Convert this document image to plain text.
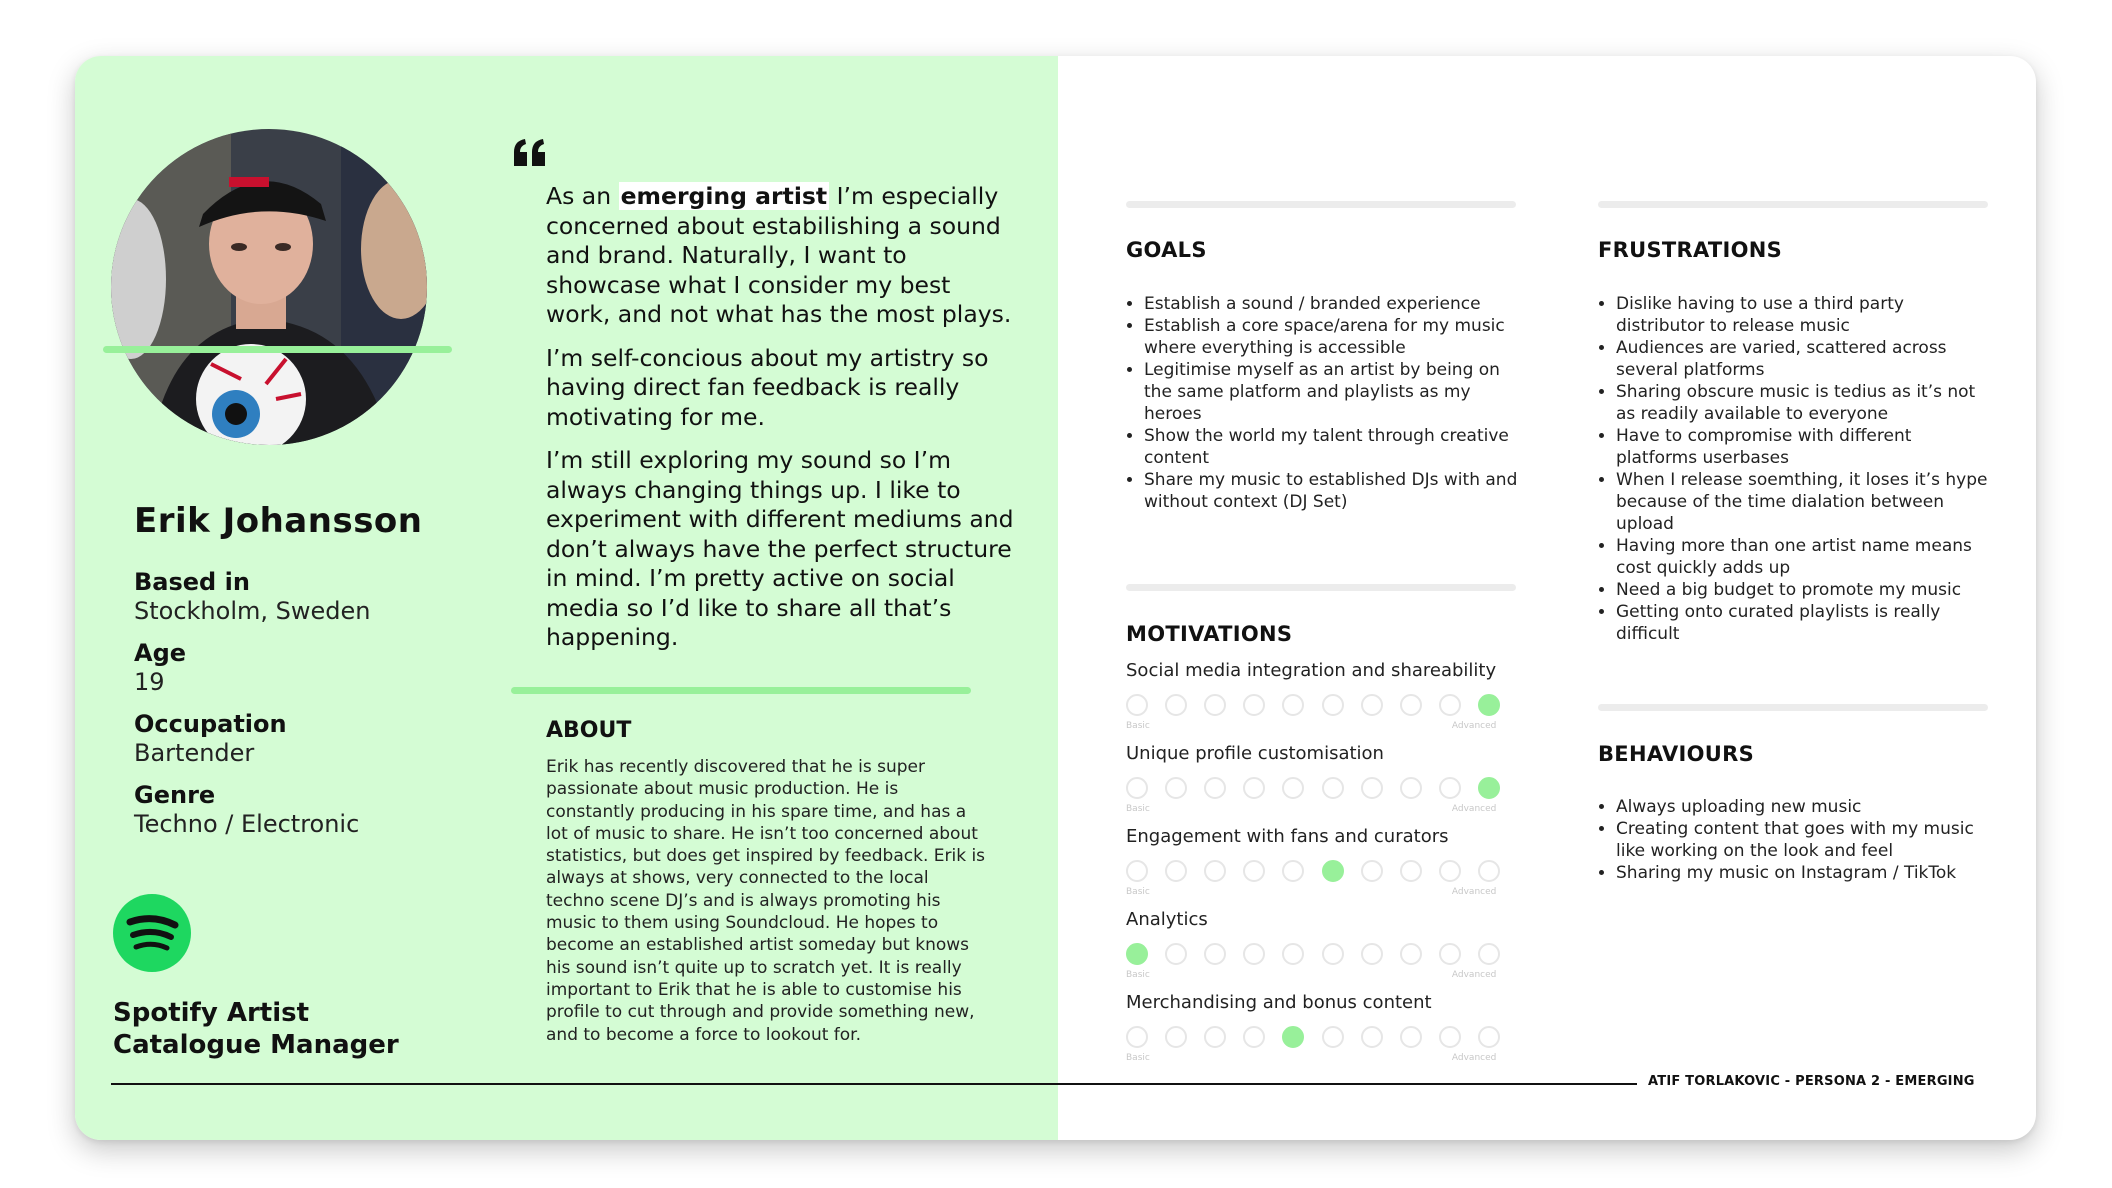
Erik Johansson
Based in
Stockholm, Sweden
Age
19
Occupation
Bartender
Genre
Techno / Electronic
Spotify Artist
Catalogue Manager

As an emerging artist I’m especially concerned about estabilishing a sound and brand. Naturally, I want to showcase what I consider my best work, and not what has the most plays.

I’m self-concious about my artistry so having direct fan feedback is really motivating for me.

I’m still exploring my sound so I’m always changing things up. I like to experiment with different mediums and don’t always have the perfect structure in mind. I’m pretty active on social media so I’d like to share all that’s happening.

ABOUT
Erik has recently discovered that he is super passionate about music production. He is constantly producing in his spare time, and has a lot of music to share. He isn’t too concerned about statistics, but does get inspired by feedback. Erik is always at shows, very connected to the local techno scene DJ’s and is always promoting his music to them using Soundcloud. He hopes to become an established artist someday but knows his sound isn’t quite up to scratch yet. It is really important to Erik that he is able to customise his profile to cut through and provide something new, and to become a force to lookout for.
GOALS
• Establish a sound / branded experience
• Establish a core space/arena for my music where everything is accessible
• Legitimise myself as an artist by being on the same platform and playlists as my heroes
• Show the world my talent through creative content
• Share my music to established DJs with and without context (DJ Set)
MOTIVATIONS
Social media integration and shareability
Basic	Advanced
Unique profile customisation
Basic	Advanced
Engagement with fans and curators
Basic	Advanced
Analytics
Basic	Advanced
Merchandising and bonus content
Basic	Advanced
FRUSTRATIONS
• Dislike having to use a third party distributor to release music
• Audiences are varied, scattered across several platforms
• Sharing obscure music is tedius as it’s not as readily available to everyone
• Have to compromise with different platforms userbases
• When I release soemthing, it loses it’s hype because of the time dialation between upload
• Having more than one artist name means cost quickly adds up
• Need a big budget to promote my music
• Getting onto curated playlists is really difficult
BEHAVIOURS
• Always uploading new music
• Creating content that goes with my music like working on the look and feel
• Sharing my music on Instagram / TikTok
ATIF TORLAKOVIC - PERSONA 2 - EMERGING
